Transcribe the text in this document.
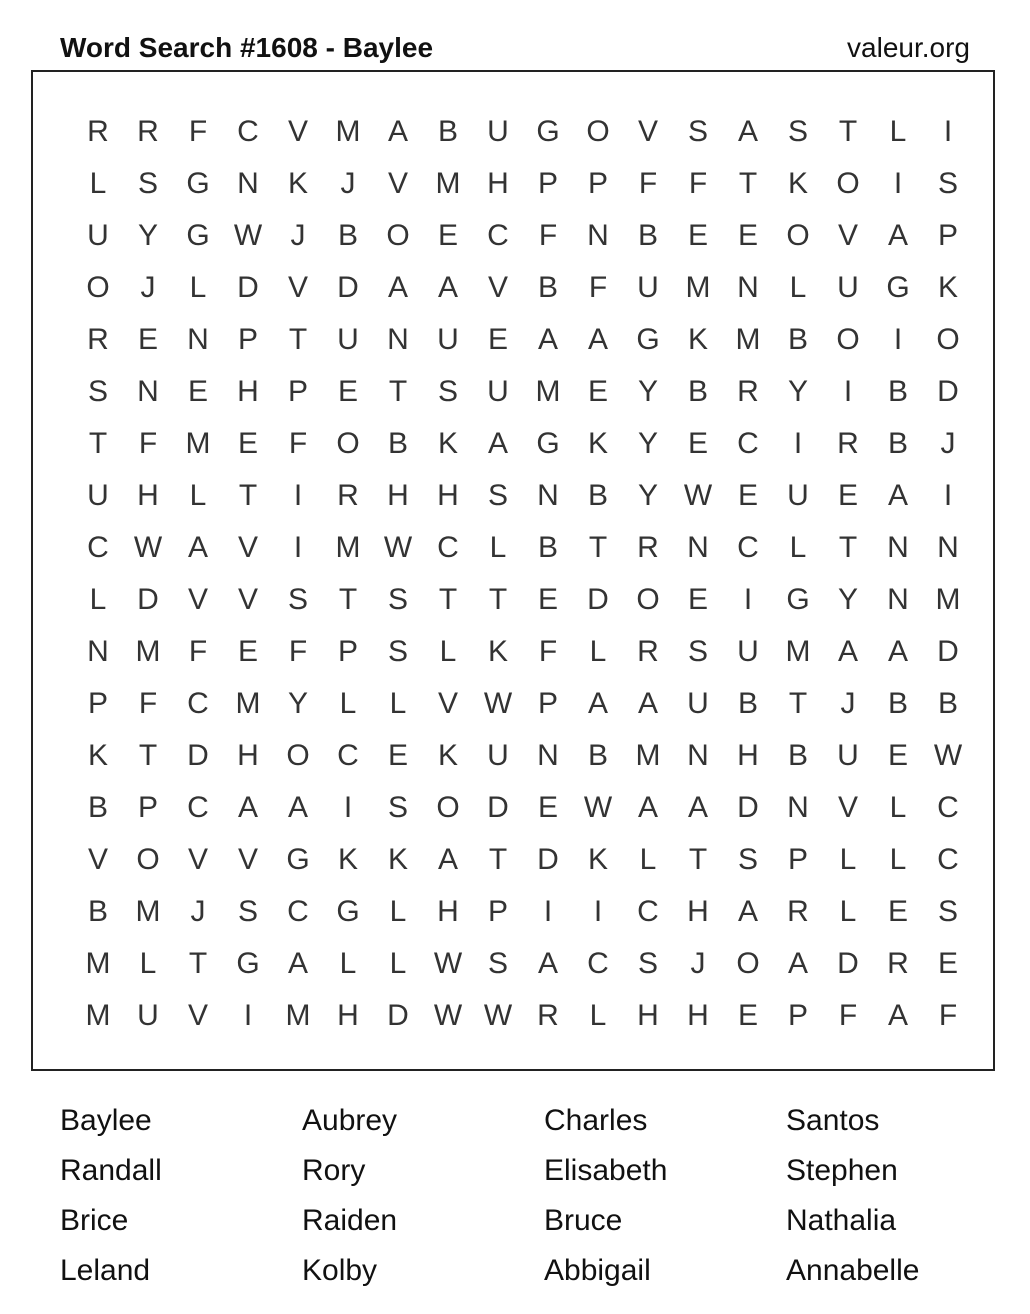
Word Search #1608 - Baylee	valeur.org
R R	F	C V M A B U G O V S A S	T	L	I
L	S G N K	J	V M H P P	F	F	T	K O	I	S
U Y G W J	B O E C	F	N B E E O V A P
O	J	L	D V D A A V B	F	U M N	L	U G K
R E N P	T	U N U E A A G K M B O	I	O
S N E H P E	T	S U M E Y B R Y	I	B D
T	F M E	F O B K A G K Y E C	I	R B	J
U H	L	T	I	R H H S N B Y W E U E A	I
C W A V	I	M W C	L	B	T	R N C	L	T	N N
L	D V V S	T	S	T	T	E D O E	I	G Y N M
N M F	E	F	P S	L	K	F	L	R S U M A A D
P	F	C M Y	L	L	V W P A A U B	T	J	B B
K	T	D H O C E K U N B M N H B U E W
B P C A A	I	S O D E W A A D N V	L	C
V O V V G K K A	T	D K	L	T	S P	L	L	C
B M	J	S C G L	H P	I	I	C H A R	L	E S
M L	T G A	L	L W S A C S	J	O A D R E
M U V	I	M H D W W R	L	H H E P	F	A	F
Baylee	Aubrey	Charles	Santos
Randall	Rory	Elisabeth	Stephen
Brice	Raiden	Bruce	Nathalia
Leland	Kolby	Abbigail	Annabelle
